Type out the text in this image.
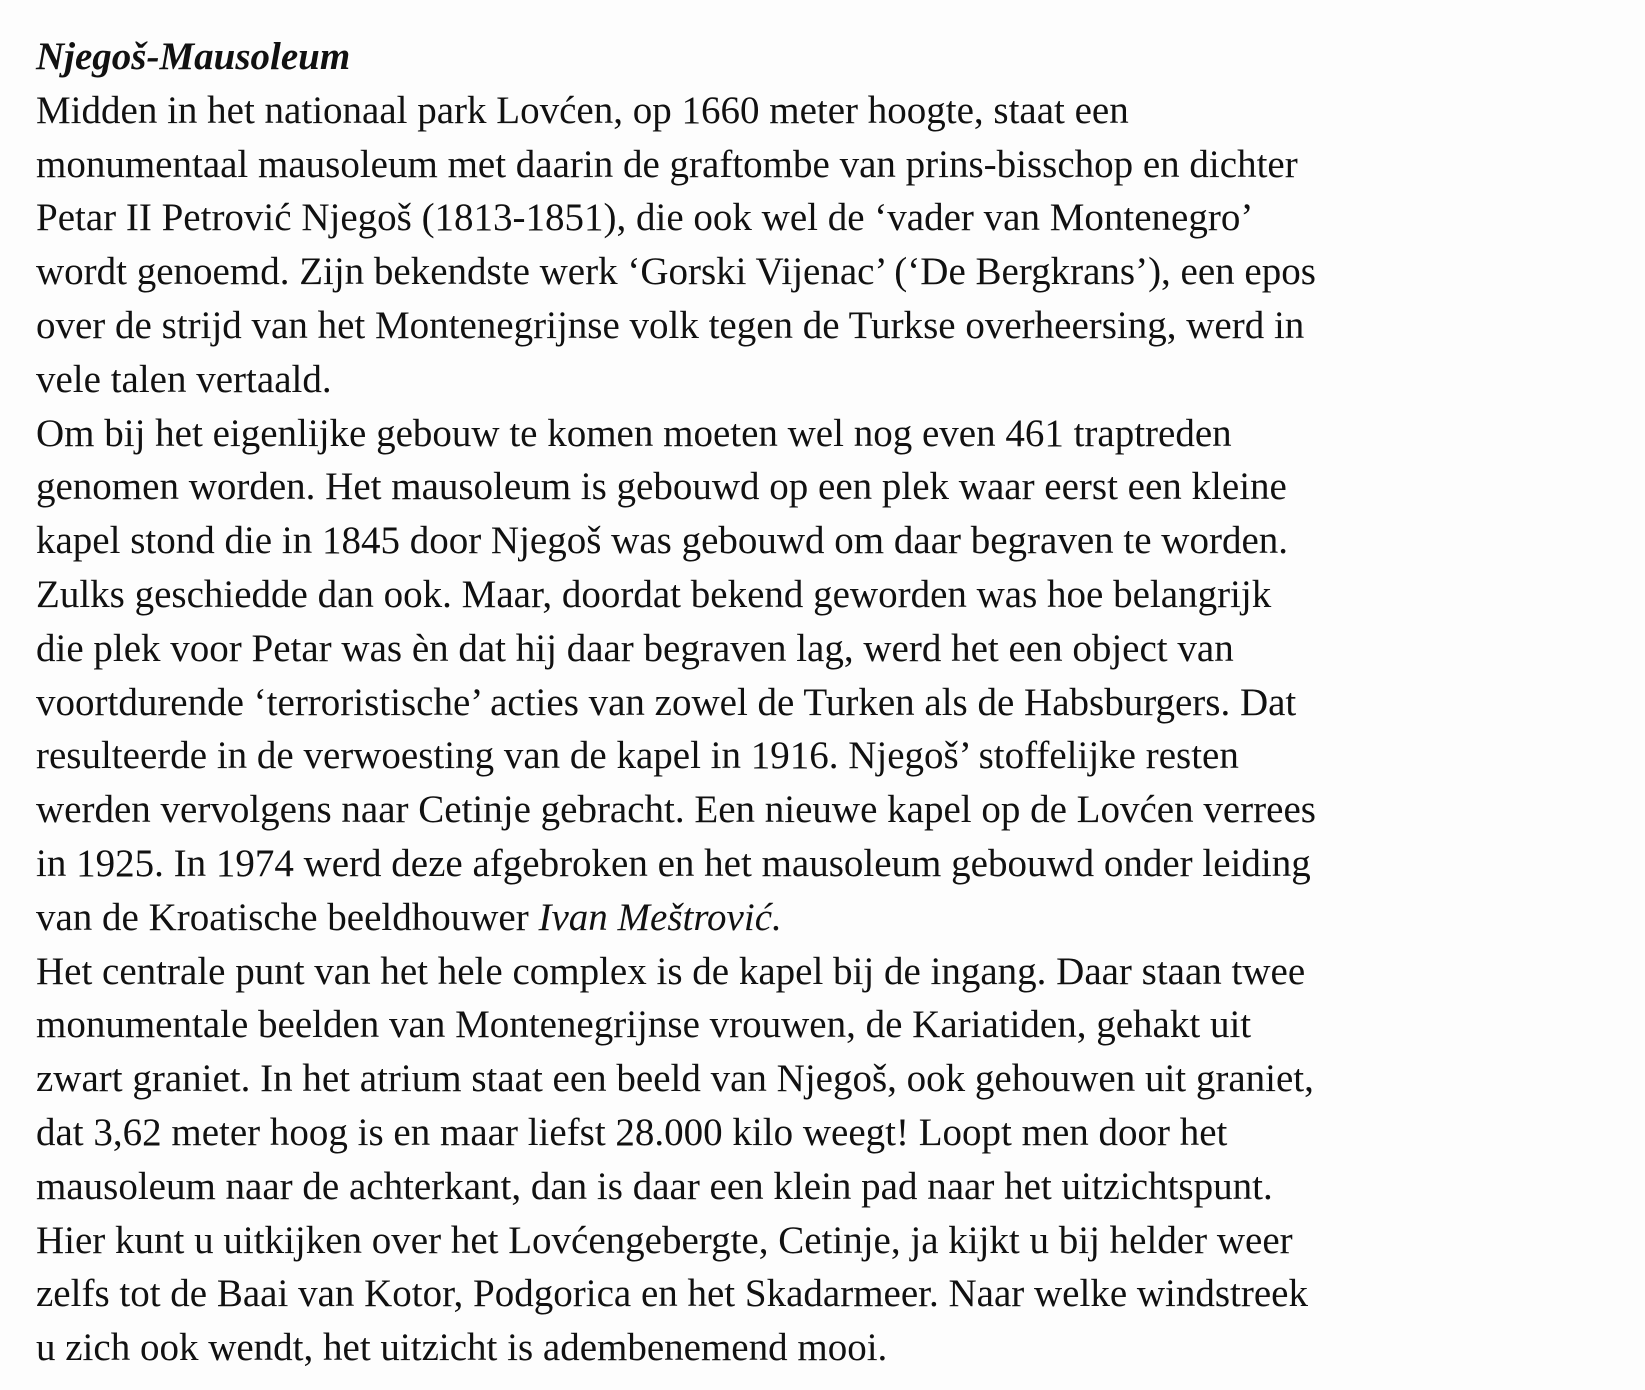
Njegoš-Mausoleum
Midden in het nationaal park Lovćen, op 1660 meter hoogte, staat een
monumentaal mausoleum met daarin de graftombe van prins-bisschop en dichter
Petar II Petrović Njegoš (1813-1851), die ook wel de ‘vader van Montenegro’
wordt genoemd. Zijn bekendste werk ‘Gorski Vijenac’ (‘De Bergkrans’), een epos
over de strijd van het Montenegrijnse volk tegen de Turkse overheersing, werd in
vele talen vertaald.
Om bij het eigenlijke gebouw te komen moeten wel nog even 461 traptreden
genomen worden. Het mausoleum is gebouwd op een plek waar eerst een kleine
kapel stond die in 1845 door Njegoš was gebouwd om daar begraven te worden.
Zulks geschiedde dan ook. Maar, doordat bekend geworden was hoe belangrijk
die plek voor Petar was èn dat hij daar begraven lag, werd het een object van
voortdurende ‘terroristische’ acties van zowel de Turken als de Habsburgers. Dat
resulteerde in de verwoesting van de kapel in 1916. Njegoš’ stoffelijke resten
werden vervolgens naar Cetinje gebracht. Een nieuwe kapel op de Lovćen verrees
in 1925. In 1974 werd deze afgebroken en het mausoleum gebouwd onder leiding
van de Kroatische beeldhouwer Ivan Meštrović.
Het centrale punt van het hele complex is de kapel bij de ingang. Daar staan twee
monumentale beelden van Montenegrijnse vrouwen, de Kariatiden, gehakt uit
zwart graniet. In het atrium staat een beeld van Njegoš, ook gehouwen uit graniet,
dat 3,62 meter hoog is en maar liefst 28.000 kilo weegt! Loopt men door het
mausoleum naar de achterkant, dan is daar een klein pad naar het uitzichtspunt.
Hier kunt u uitkijken over het Lovćengebergte, Cetinje, ja kijkt u bij helder weer
zelfs tot de Baai van Kotor, Podgorica en het Skadarmeer. Naar welke windstreek
u zich ook wendt, het uitzicht is adembenemend mooi.
